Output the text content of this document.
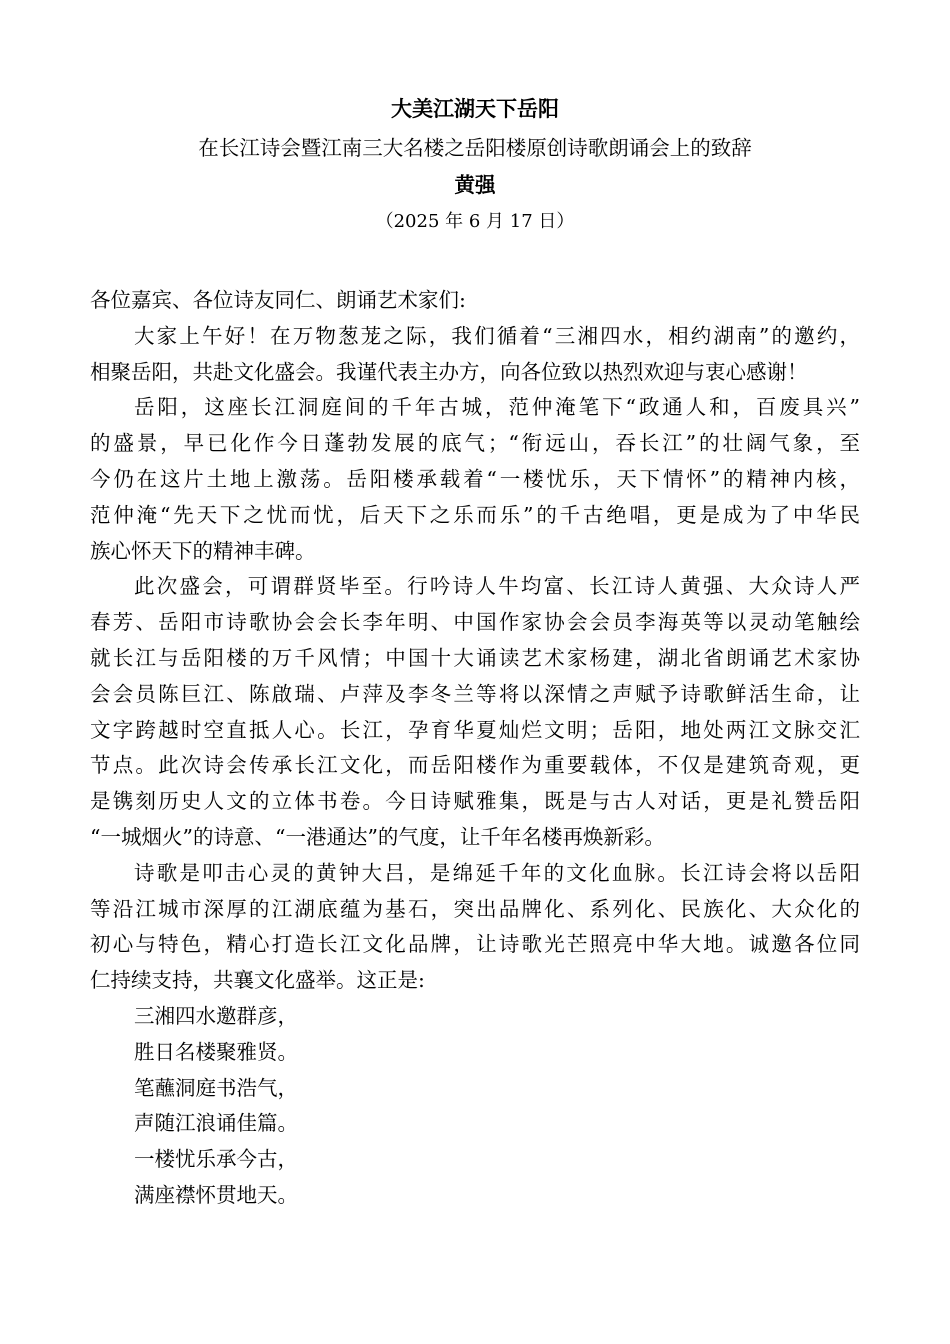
大美江湖天下岳阳
在长江诗会暨江南三大名楼之岳阳楼原创诗歌朗诵会上的致辞
黄强
（2025 年 6 月 17 日）
各位嘉宾、各位诗友同仁、朗诵艺术家们:
大家上午好！在万物葱茏之际，我们循着“三湘四水，相约湖南”的邀约，
相聚岳阳，共赴文化盛会。我谨代表主办方，向各位致以热烈欢迎与衷心感谢！
岳阳，这座长江洞庭间的千年古城，范仲淹笔下“政通人和，百废具兴”
的盛景，早已化作今日蓬勃发展的底气；“衔远山，吞长江”的壮阔气象，至
今仍在这片土地上激荡。岳阳楼承载着“一楼忧乐，天下情怀”的精神内核，
范仲淹“先天下之忧而忧，后天下之乐而乐”的千古绝唱，更是成为了中华民
族心怀天下的精神丰碑。
此次盛会，可谓群贤毕至。行吟诗人牛均富、长江诗人黄强、大众诗人严
春芳、岳阳市诗歌协会会长李年明、中国作家协会会员李海英等以灵动笔触绘
就长江与岳阳楼的万千风情；中国十大诵读艺术家杨建，湖北省朗诵艺术家协
会会员陈巨江、陈啟瑞、卢萍及李冬兰等将以深情之声赋予诗歌鲜活生命，让
文字跨越时空直抵人心。长江，孕育华夏灿烂文明；岳阳，地处两江文脉交汇
节点。此次诗会传承长江文化，而岳阳楼作为重要载体，不仅是建筑奇观，更
是镌刻历史人文的立体书卷。今日诗赋雅集，既是与古人对话，更是礼赞岳阳
“一城烟火”的诗意、“一港通达”的气度，让千年名楼再焕新彩。
诗歌是叩击心灵的黄钟大吕，是绵延千年的文化血脉。长江诗会将以岳阳
等沿江城市深厚的江湖底蕴为基石，突出品牌化、系列化、民族化、大众化的
初心与特色，精心打造长江文化品牌，让诗歌光芒照亮中华大地。诚邀各位同
仁持续支持，共襄文化盛举。这正是:
三湘四水邀群彦，
胜日名楼聚雅贤。
笔蘸洞庭书浩气，
声随江浪诵佳篇。
一楼忧乐承今古，
满座襟怀贯地天。
